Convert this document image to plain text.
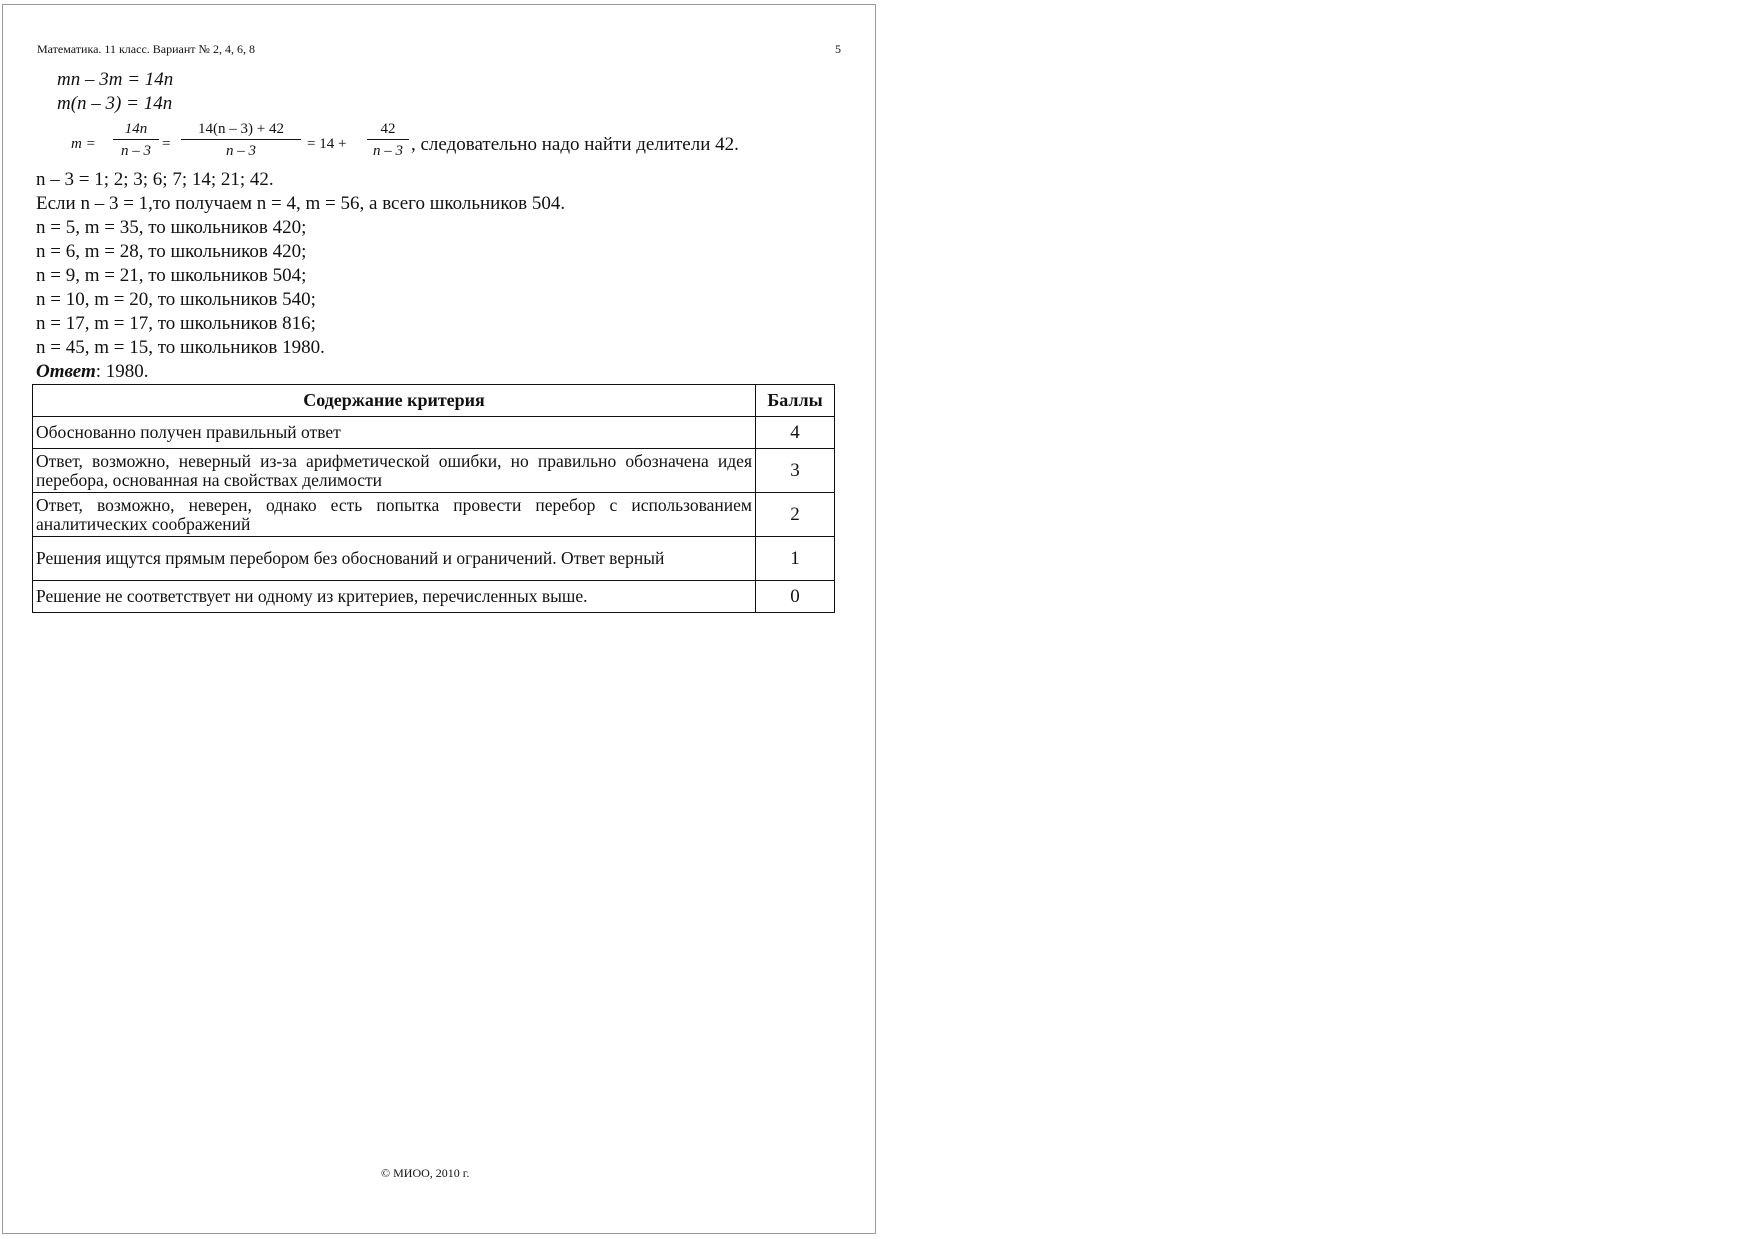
Математика. 11 класс. Вариант № 2, 4, 6, 8	5
mn – 3m = 14n
m(n – 3) = 14n
$m = \frac{14n}{n - 3} = \frac{14(n - 3) + 42}{n - 3} = 14 + \frac{42}{n - 3}$ , следовательно надо найти делители 42.
n – 3 = 1; 2; 3; 6; 7; 14; 21; 42.
Если n – 3 = 1,то получаем n = 4, m = 56, а всего школьников 504.
n = 5, m = 35, то школьников 420;
n = 6, m = 28, то школьников 420;
n = 9, m = 21, то школьников 504;
n = 10, m = 20, то школьников 540;
n = 17, m = 17, то школьников 816;
n = 45, m = 15, то школьников 1980.
Ответ: 1980.
Содержание критерия	Баллы
Обоснованно получен правильный ответ	4
Ответ, возможно, неверный из-за арифметической ошибки, но правильно обозначена идея перебора, основанная на свойствах делимости	3
Ответ, возможно, неверен, однако есть попытка провести перебор с использованием аналитических соображений	2
Решения ищутся прямым перебором без обоснований и ограничений. Ответ верный	1
Решение не соответствует ни одному из критериев, перечисленных выше.	0
© МИОО, 2010 г.
